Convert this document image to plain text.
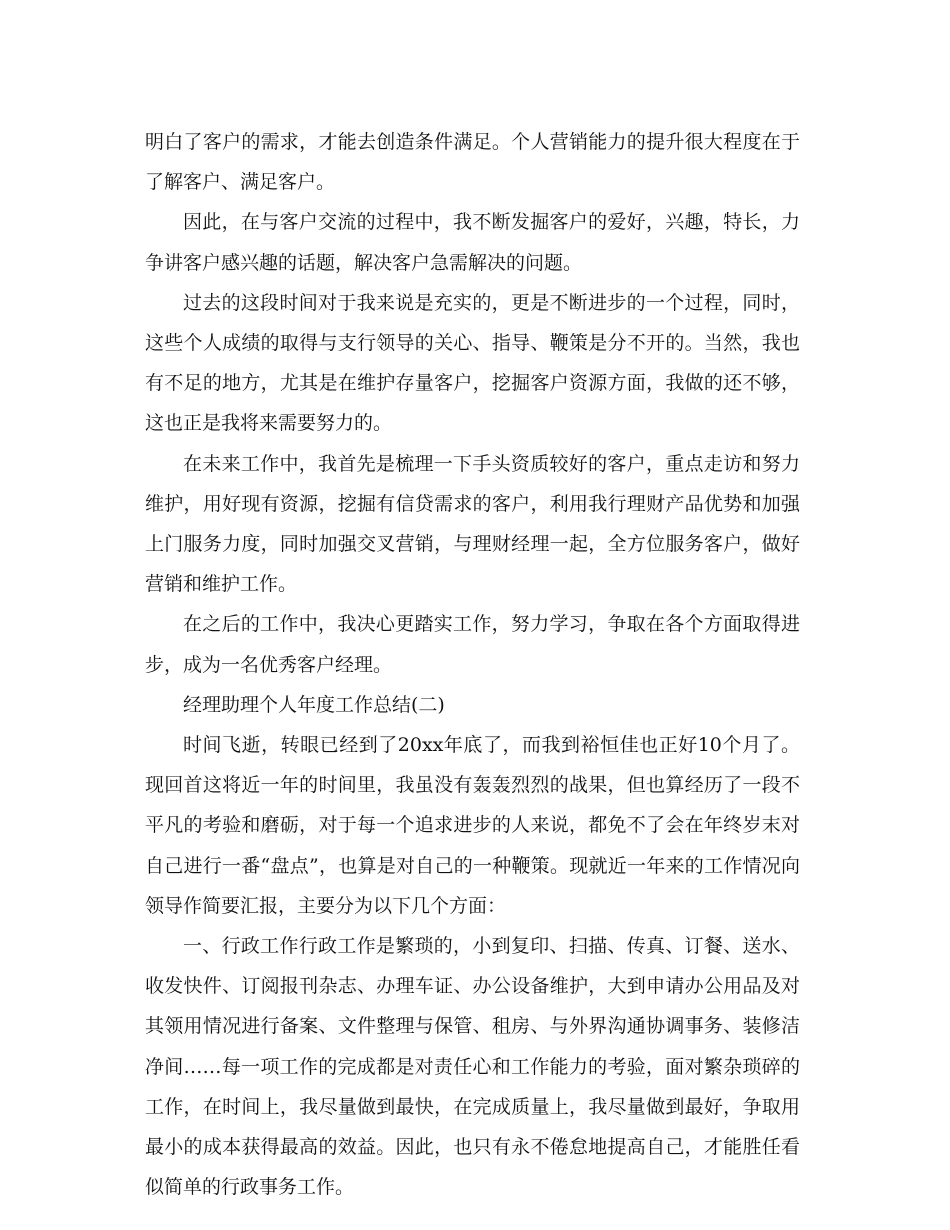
明白了客户的需求，才能去创造条件满足。个人营销能力的提升很大程度在于了解客户、满足客户。

因此，在与客户交流的过程中，我不断发掘客户的爱好，兴趣，特长，力争讲客户感兴趣的话题，解决客户急需解决的问题。

过去的这段时间对于我来说是充实的，更是不断进步的一个过程，同时，这些个人成绩的取得与支行领导的关心、指导、鞭策是分不开的。当然，我也有不足的地方，尤其是在维护存量客户，挖掘客户资源方面，我做的还不够，这也正是我将来需要努力的。

在未来工作中，我首先是梳理一下手头资质较好的客户，重点走访和努力维护，用好现有资源，挖掘有信贷需求的客户，利用我行理财产品优势和加强上门服务力度，同时加强交叉营销，与理财经理一起，全方位服务客户，做好营销和维护工作。

在之后的工作中，我决心更踏实工作，努力学习，争取在各个方面取得进步，成为一名优秀客户经理。

经理助理个人年度工作总结(二)

时间飞逝，转眼已经到了20xx年底了，而我到裕恒佳也正好10个月了。现回首这将近一年的时间里，我虽没有轰轰烈烈的战果，但也算经历了一段不平凡的考验和磨砺，对于每一个追求进步的人来说，都免不了会在年终岁末对自己进行一番“盘点”，也算是对自己的一种鞭策。现就近一年来的工作情况向领导作简要汇报，主要分为以下几个方面：

一、行政工作行政工作是繁琐的，小到复印、扫描、传真、订餐、送水、收发快件、订阅报刊杂志、办理车证、办公设备维护，大到申请办公用品及对其领用情况进行备案、文件整理与保管、租房、与外界沟通协调事务、装修洁净间……每一项工作的完成都是对责任心和工作能力的考验，面对繁杂琐碎的工作，在时间上，我尽量做到最快，在完成质量上，我尽量做到最好，争取用最小的成本获得最高的效益。因此，也只有永不倦怠地提高自己，才能胜任看似简单的行政事务工作。
